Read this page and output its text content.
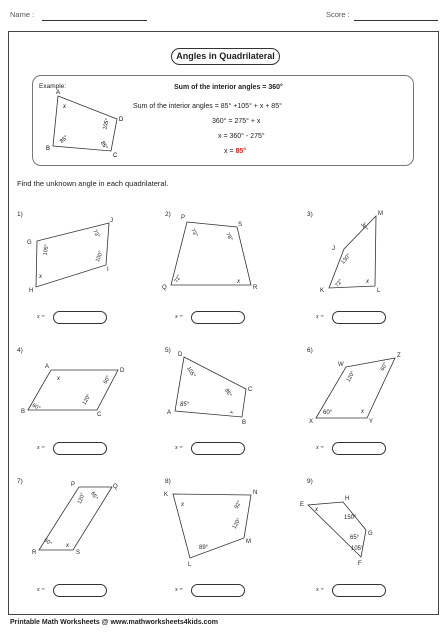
Name :	Score :
Angles in Quadrilateral
Example:	Sum of the interior angles = 360°
Sum of the interior angles = 85° +105° + x + 85°
360° = 275° + x
x = 360° - 275°
x = 85°
A
D
C
B
x
105°
85°
85°
Find the unknown angle in each quadrilateral.
1)	2)	3)
4)	5)	6)
7)	8)	9)
J
I
H
G
73°
100°
x
105°
P
S
R
Q
73°	78°
x
72°
M
L
K
J
38°
x
72°
130°
A
D
C
B
x	60°
120°
60°
D
C
B
A
105°
86°
x
85°
W
Z
Y
X
120°
60°
x
60°
P	Q
S
R
120° 65°
x
60°
N
M
L
K
92°
120°
89°
x
H
G
F
E
150°
65°
105°
x
x =	x =	x =
x =	x =	x =
x =	x =	x =
Printable Math Worksheets @ www.mathworksheets4kids.com
